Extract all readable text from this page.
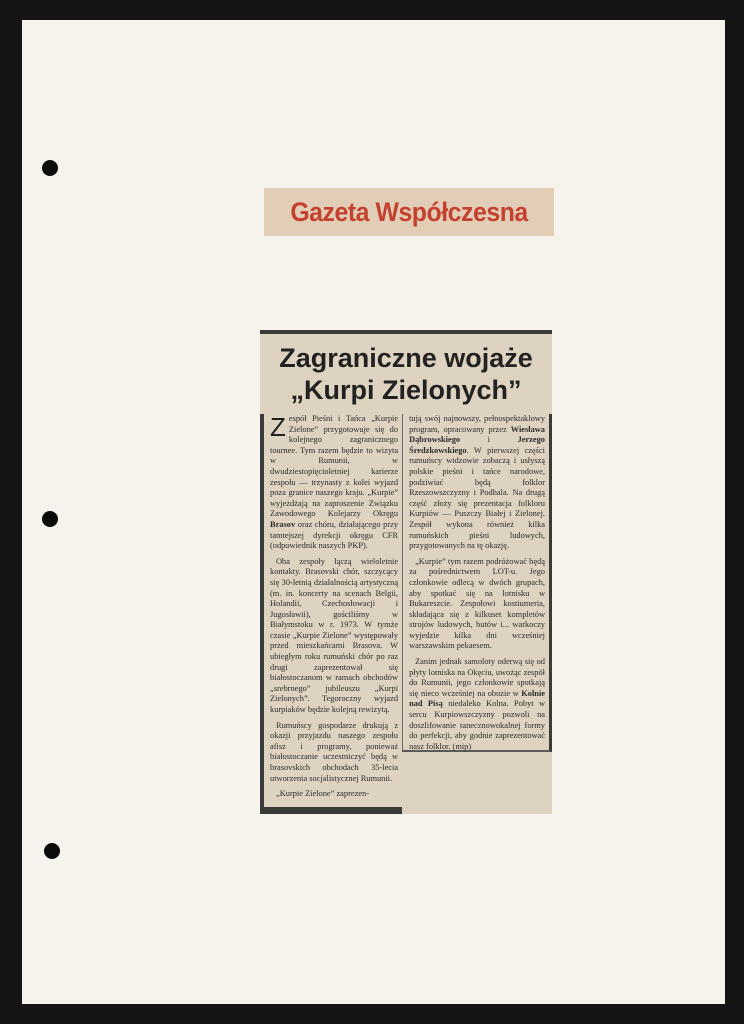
Gazeta Współczesna
Zagraniczne wojaże
„Kurpi Zielonych”

Zespół Pieśni i Tańca „Kurpie Zielone” przygotowuje się do kolejnego zagranicznego tournee. Tym razem będzie to wizyta w Rumunii, w dwudziestopięcioletniej karierze zespołu — trzynasty z kolei wyjazd poza granice naszego kraju. „Kurpie” wyjeżdżają na zaproszenie Związku Zawodowego Kolejarzy Okręgu Brasov oraz chóru, działającego przy tamtejszej dyrekcji okręgu CFR (odpowiednik naszych PKP).

Oba zespoły łączą wieloletnie kontakty. Brasovski chór, szczycący się 30-letnią działalnością artystyczną (m. in. koncerty na scenach Belgii, Holandii, Czechosłowacji i Jugosławii), gościliśmy w Białymstoku w r. 1973. W tymże czasie „Kurpie Zielone” występowały przed mieszkańcami Brasova. W ubiegłym roku rumuński chór po raz drugi zaprezentował się białostoczanom w ramach obchodów „srebrnego” jubileuszu „Kurpi Zielonych”. Tegoroczny wyjazd kurpiaków będzie kolejną rewizytą.

Rumuńscy gospodarze drukują z okazji przyjazdu naszego zespołu afisz i programy, ponieważ białostoczanie uczestniczyć będą w brasovskich obchodach 35-lecia utworzenia socjalistycznej Rumunii.

„Kurpie Zielone” zaprezen-

tują swój najnowszy, pełnospektaklowy program, opracowany przez Wiesława Dąbrowskiego i Jerzego Średzkowskiego. W pierwszej części rumuńscy widzowie zobaczą i usłyszą polskie pieśni i tańce narodowe, podziwiać będą folklor Rzeszowszczyzny i Podhala. Na drugą część złoży się prezentacja folkloru Kurpiów — Puszczy Białej i Zielonej. Zespół wykona również kilka rumuńskich pieśni ludowych, przygotowanych na tę okazję.

„Kurpie” tym razem podróżować będą za pośrednictwem LOT-u. Jego członkowie odlecą w dwóch grupach, aby spotkać się na lotnisku w Bukareszcie. Zespołowi kostiumeria, składająca się z kilkuset kompletów strojów ludowych, butów i... warkoczy wyjedzie kilka dni wcześniej warszawskim pekaesem.

Zanim jednak samoloty oderwą się od płyty lotniska na Okęciu, uwożąc zespół do Rumunii, jego członkowie spotkają się nieco wcześniej na obozie w Kolnie nad Pisą niedaleko Kolna. Pobyt w sercu Kurpiowszczyzny pozwoli na doszlifowanie tanecznowokalnej formy do perfekcji, aby godnie zaprezentować nasz folklor. (mip)
